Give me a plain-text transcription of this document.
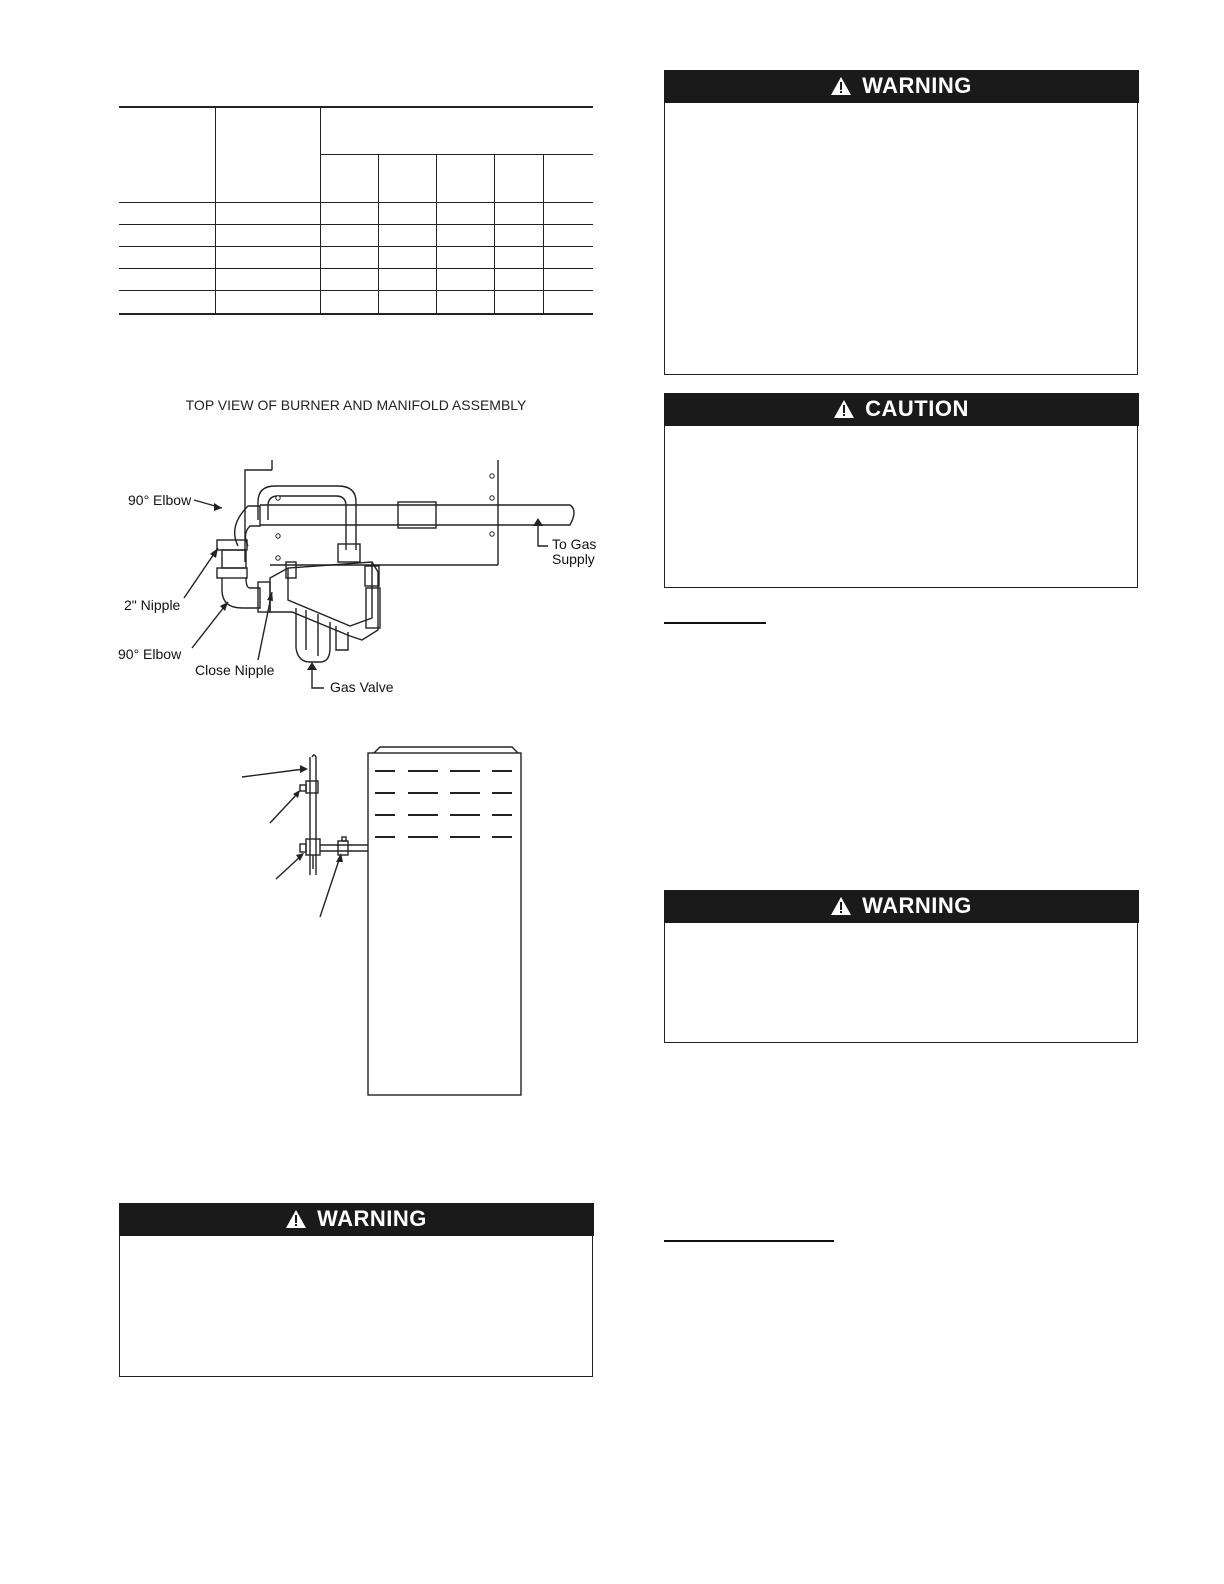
TOP VIEW OF BURNER AND MANIFOLD ASSEMBLY
90° Elbow
2" Nipple
90° Elbow
Close Nipple
Gas Valve
To Gas
Supply
WARNING
CAUTION
WARNING
WARNING
